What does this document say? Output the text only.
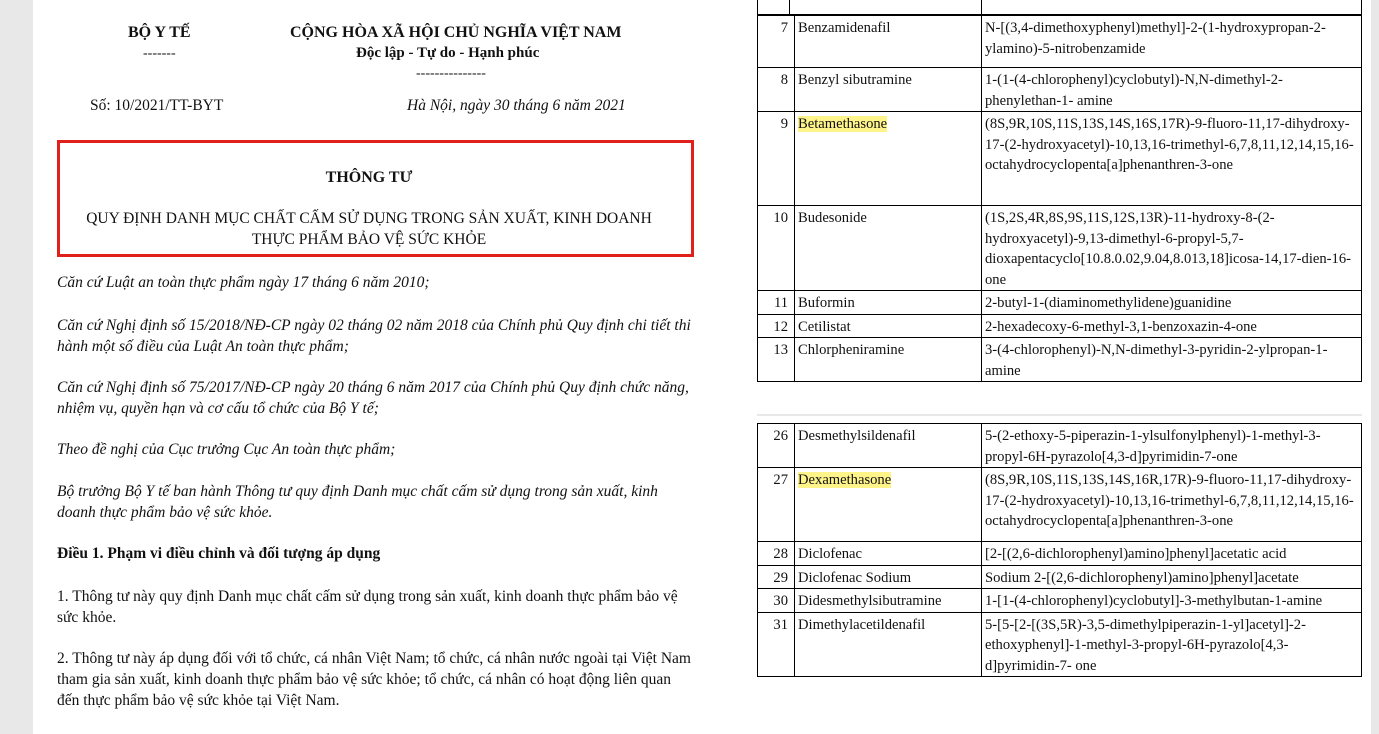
BỘ Y TẾ
-------
CỘNG HÒA XÃ HỘI CHỦ NGHĨA VIỆT NAM
Độc lập - Tự do - Hạnh phúc
---------------
Số: 10/2021/TT-BYT	Hà Nội, ngày 30 tháng 6 năm 2021
THÔNG TƯ
QUY ĐỊNH DANH MỤC CHẤT CẤM SỬ DỤNG TRONG SẢN XUẤT, KINH DOANH
THỰC PHẨM BẢO VỆ SỨC KHỎE
Căn cứ Luật an toàn thực phẩm ngày 17 tháng 6 năm 2010;
Căn cứ Nghị định số 15/2018/NĐ-CP ngày 02 tháng 02 năm 2018 của Chính phủ Quy định chi tiết thi hành một số điều của Luật An toàn thực phẩm;
Căn cứ Nghị định số 75/2017/NĐ-CP ngày 20 tháng 6 năm 2017 của Chính phủ Quy định chức năng, nhiệm vụ, quyền hạn và cơ cấu tổ chức của Bộ Y tế;
Theo đề nghị của Cục trưởng Cục An toàn thực phẩm;
Bộ trưởng Bộ Y tế ban hành Thông tư quy định Danh mục chất cấm sử dụng trong sản xuất, kinh doanh thực phẩm bảo vệ sức khỏe.
Điều 1. Phạm vi điều chỉnh và đối tượng áp dụng
1. Thông tư này quy định Danh mục chất cấm sử dụng trong sản xuất, kinh doanh thực phẩm bảo vệ sức khỏe.
2. Thông tư này áp dụng đối với tổ chức, cá nhân Việt Nam; tổ chức, cá nhân nước ngoài tại Việt Nam tham gia sản xuất, kinh doanh thực phẩm bảo vệ sức khỏe; tổ chức, cá nhân có hoạt động liên quan đến thực phẩm bảo vệ sức khỏe tại Việt Nam.
7	Benzamidenafil	N-[(3,4-dimethoxyphenyl)methyl]-2-(1-hydroxypropan-2-ylamino)-5-nitrobenzamide
8	Benzyl sibutramine	1-(1-(4-chlorophenyl)cyclobutyl)-N,N-dimethyl-2-phenylethan-1- amine
9	Betamethasone	(8S,9R,10S,11S,13S,14S,16S,17R)-9-fluoro-11,17-dihydroxy-17-(2-hydroxyacetyl)-10,13,16-trimethyl-6,7,8,11,12,14,15,16-octahydrocyclopenta[a]phenanthren-3-one
10	Budesonide	(1S,2S,4R,8S,9S,11S,12S,13R)-11-hydroxy-8-(2-hydroxyacetyl)-9,13-dimethyl-6-propyl-5,7-dioxapentacyclo[10.8.0.02,9.04,8.013,18]icosa-14,17-dien-16-one
11	Buformin	2-butyl-1-(diaminomethylidene)guanidine
12	Cetilistat	2-hexadecoxy-6-methyl-3,1-benzoxazin-4-one
13	Chlorpheniramine	3-(4-chlorophenyl)-N,N-dimethyl-3-pyridin-2-ylpropan-1-amine
26	Desmethylsildenafil	5-(2-ethoxy-5-piperazin-1-ylsulfonylphenyl)-1-methyl-3-propyl-6H-pyrazolo[4,3-d]pyrimidin-7-one
27	Dexamethasone	(8S,9R,10S,11S,13S,14S,16R,17R)-9-fluoro-11,17-dihydroxy-17-(2-hydroxyacetyl)-10,13,16-trimethyl-6,7,8,11,12,14,15,16-octahydrocyclopenta[a]phenanthren-3-one
28	Diclofenac	[2-[(2,6-dichlorophenyl)amino]phenyl]acetatic acid
29	Diclofenac Sodium	Sodium 2-[(2,6-dichlorophenyl)amino]phenyl]acetate
30	Didesmethylsibutramine	1-[1-(4-chlorophenyl)cyclobutyl]-3-methylbutan-1-amine
31	Dimethylacetildenafil	5-[5-[2-[(3S,5R)-3,5-dimethylpiperazin-1-yl]acetyl]-2-ethoxyphenyl]-1-methyl-3-propyl-6H-pyrazolo[4,3-d]pyrimidin-7- one
